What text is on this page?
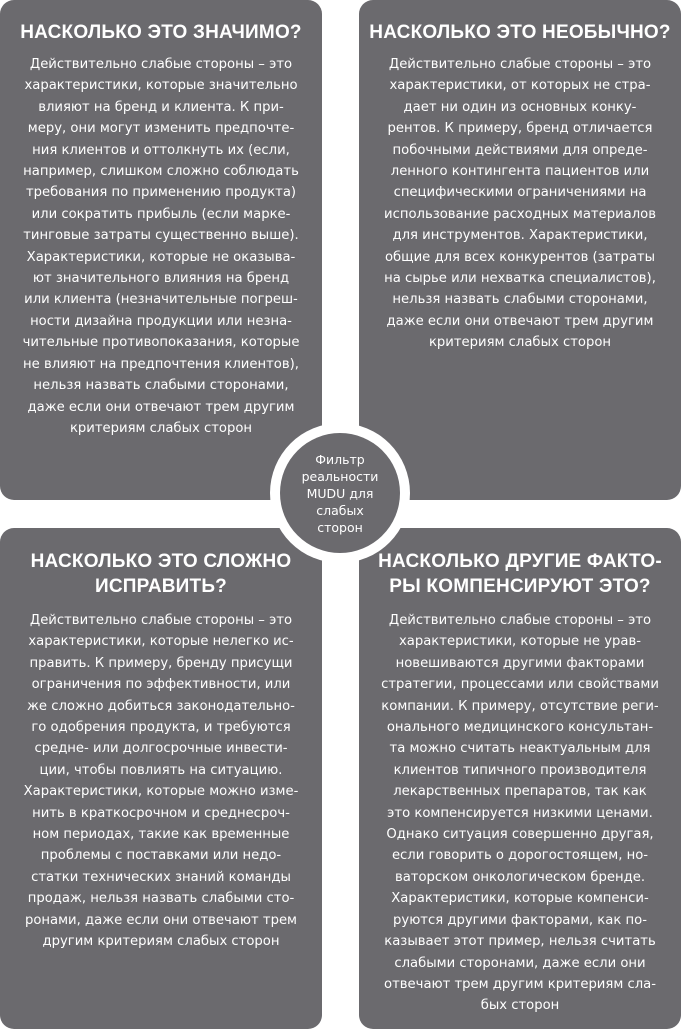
НАСКОЛЬКО ЭТО ЗНАЧИМО?
Действительно слабые стороны – это
характеристики, которые значительно
влияют на бренд и клиента. К при-
меру, они могут изменить предпочте-
ния клиентов и оттолкнуть их (если,
например, слишком сложно соблюдать
требования по применению продукта)
или сократить прибыль (если марке-
тинговые затраты существенно выше).
Характеристики, которые не оказыва-
ют значительного влияния на бренд
или клиента (незначительные погреш-
ности дизайна продукции или незна-
чительные противопоказания, которые
не влияют на предпочтения клиентов),
нельзя назвать слабыми сторонами,
даже если они отвечают трем другим
критериям слабых сторон
НАСКОЛЬКО ЭТО НЕОБЫЧНО?
Действительно слабые стороны – это
характеристики, от которых не стра-
дает ни один из основных конку-
рентов. К примеру, бренд отличается
побочными действиями для опреде-
ленного контингента пациентов или
специфическими ограничениями на
использование расходных материалов
для инструментов. Характеристики,
общие для всех конкурентов (затраты
на сырье или нехватка специалистов),
нельзя назвать слабыми сторонами,
даже если они отвечают трем другим
критериям слабых сторон
НАСКОЛЬКО ЭТО СЛОЖНО
ИСПРАВИТЬ?
Действительно слабые стороны – это
характеристики, которые нелегко ис-
править. К примеру, бренду присущи
ограничения по эффективности, или
же сложно добиться законодательно-
го одобрения продукта, и требуются
средне- или долгосрочные инвести-
ции, чтобы повлиять на ситуацию.
Характеристики, которые можно изме-
нить в краткосрочном и среднесроч-
ном периодах, такие как временные
проблемы с поставками или недо-
статки технических знаний команды
продаж, нельзя назвать слабыми сто-
ронами, даже если они отвечают трем
другим критериям слабых сторон
НАСКОЛЬКО ДРУГИЕ ФАКТО-
РЫ КОМПЕНСИРУЮТ ЭТО?
Действительно слабые стороны – это
характеристики, которые не урав-
новешиваются другими факторами
стратегии, процессами или свойствами
компании. К примеру, отсутствие реги-
онального медицинского консультан-
та можно считать неактуальным для
клиентов типичного производителя
лекарственных препаратов, так как
это компенсируется низкими ценами.
Однако ситуация совершенно другая,
если говорить о дорогостоящем, но-
ваторском онкологическом бренде.
Характеристики, которые компенси-
руются другими факторами, как по-
казывает этот пример, нельзя считать
слабыми сторонами, даже если они
отвечают трем другим критериям сла-
бых сторон
Фильтр
реальности
MUDU для
слабых
сторон
